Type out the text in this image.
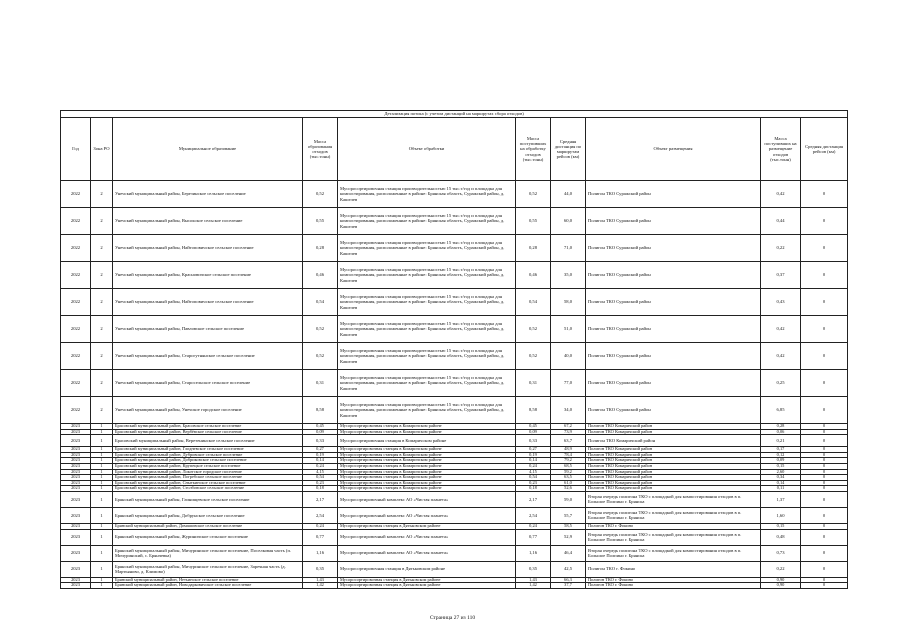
Детализация потока (с учетом дистанций на маршрутах сбора отходов)									
Год	Зона РО	Муниципальное образование	Масса образования отходов (тыс.тонн)	Объект обработки	Масса поступивших на обработку отходов (тыс.тонн)	Средняя дистанция по маршрутам рейсов (км)	Объект размещения	Масса поступивших на размещение отходов (тыс.тонн)	Средняя дистанция рейсов (км)
2022	2	Унечский муниципальный район, Березинское сельское поселение	0,52	Мусоросортировочная станция производительностью 15 тыс.т/год и площадка для компостирования, расположенные в районе: Брянская область, Суражский район, д. Кашелев	0,52	44,0	Полигон ТКО Суражский район	0,42	0
2022	2	Унечский муниципальный район, Высокское сельское поселение	0,55	Мусоросортировочная станция производительностью 15 тыс.т/год и площадка для компостирования, расположенные в районе: Брянская область, Суражский район, д. Кашелев	0,55	60,0	Полигон ТКО Суражский район	0,44	0
2022	2	Унечский муниципальный район, Найтоповичское сельское поселение	0,28	Мусоросортировочная станция производительностью 15 тыс.т/год и площадка для компостирования, расположенные в районе: Брянская область, Суражский район, д. Кашелев	0,28	71,0	Полигон ТКО Суражский район	0,22	0
2022	2	Унечский муниципальный район, Красновичское сельское поселение	0,46	Мусоросортировочная станция производительностью 15 тыс.т/год и площадка для компостирования, расположенные в районе: Брянская область, Суражский район, д. Кашелев	0,46	35,0	Полигон ТКО Суражский район	0,37	0
2022	2	Унечский муниципальный район, Найтоповичское сельское поселение	0,54	Мусоросортировочная станция производительностью 15 тыс.т/год и площадка для компостирования, расположенные в районе: Брянская область, Суражский район, д. Кашелев	0,54	58,0	Полигон ТКО Суражский район	0,43	0
2022	2	Унечский муниципальный район, Павловское сельское поселение	0,52	Мусоросортировочная станция производительностью 15 тыс.т/год и площадка для компостирования, расположенные в районе: Брянская область, Суражский район, д. Кашелев	0,52	51,0	Полигон ТКО Суражский район	0,42	0
2022	2	Унечский муниципальный район, Старогутнянское сельское поселение	0,52	Мусоросортировочная станция производительностью 15 тыс.т/год и площадка для компостирования, расположенные в районе: Брянская область, Суражский район, д. Кашелев	0,52	40,0	Полигон ТКО Суражский район	0,42	0
2022	2	Унечский муниципальный район, Старосельское сельское поселение	0,31	Мусоросортировочная станция производительностью 15 тыс.т/год и площадка для компостирования, расположенные в районе: Брянская область, Суражский район, д. Кашелев	0,31	77,0	Полигон ТКО Суражский район	0,25	0
2022	2	Унечский муниципальный район, Унечское городское поселение	8,58	Мусоросортировочная станция производительностью 15 тыс.т/год и площадка для компостирования, расположенные в районе: Брянская область, Суражский район, д. Кашелев	8,58	34,0	Полигон ТКО Суражский район	6,85	0
2023	1	Брасовский муниципальный район, Брасовское сельское поселение	0,45	Мусоросортировочная станция в Комаричском районе	0,45	67,2	Полигон ТКО Комаричский район	0,28	0
2023	1	Брасовский муниципальный район, Вербёвское сельское поселение	0,09	Мусоросортировочная станция в Комаричском районе	0,09	73,9	Полигон ТКО Комаричский район	0,06	0
2023	1	Брасовский муниципальный район, Веретенинское сельское поселение	0,33	Мусоросортировочная станция в Комаричском районе	0,33	63,7	Полигон ТКО Комаричский район	0,21	0
2023	1	Брасовский муниципальный район, Глодневское сельское поселение	0,27	Мусоросортировочная станция в Комаричском районе	0,27	48,9	Полигон ТКО Комаричский район	0,17	0
2023	1	Брасовский муниципальный район, Дубровское сельское поселение	0,19	Мусоросортировочная станция в Комаричском районе	0,19	78,4	Полигон ТКО Комаричский район	0,12	0
2023	1	Брасовский муниципальный район, Добриковское сельское поселение	0,14	Мусоросортировочная станция в Комаричском районе	0,14	79,2	Полигон ТКО Комаричский район	0,09	0
2023	1	Брасовский муниципальный район, Крупецкое сельское поселение	0,24	Мусоросортировочная станция в Комаричском районе	0,24	68,5	Полигон ТКО Комаричский район	0,15	0
2023	1	Брасовский муниципальный район, Локотское городское поселение	4,15	Мусоросортировочная станция в Комаричском районе	4,15	59,2	Полигон ТКО Комаричский район	2,60	0
2023	1	Брасовский муниципальный район, Погребское сельское поселение	0,54	Мусоросортировочная станция в Комаричском районе	0,54	63,5	Полигон ТКО Комаричский район	0,34	0
2023	1	Брасовский муниципальный район, Сныткинское сельское поселение	0,23	Мусоросортировочная станция в Комаричском районе	0,23	61,0	Полигон ТКО Комаричский район	0,14	0
2023	1	Брасовский муниципальный район, Столбовское сельское поселение	0,18	Мусоросортировочная станция в Комаричском районе	0,18	52,6	Полигон ТКО Комаричский район	0,11	0
2023	1	Брянский муниципальный район, Глинищевское сельское поселение	2,17	Мусоросортировочный комплекс АО «Чистая планета»	2,17	59,0	Вторая очередь полигона ТКО с площадкой для компостирования отходов в п. Большое Полпино г. Брянска	1,37	0
2023	1	Брянский муниципальный район, Добрунское сельское поселение	2,54	Мусоросортировочный комплекс АО «Чистая планета»	2,54	55,7	Вторая очередь полигона ТКО с площадкой для компостирования отходов в п. Большое Полпино г. Брянска	1,60	0
2023	1	Брянский муниципальный район, Домашовское сельское поселение	0,24	Мусоросортировочная станция в Дятьковском районе	0,24	58,5	Полигон ТКО г. Фокино	0,15	0
2023	1	Брянский муниципальный район, Журиничское сельское поселение	0,77	Мусоросортировочный комплекс АО «Чистая планета»	0,77	52,9	Вторая очередь полигона ТКО с площадкой для компостирования отходов в п. Большое Полпино г. Брянска	0,48	0
2023	1	Брянский муниципальный район, Мичуринское сельское поселение, Поселковая часть (п. Мичуринский, с. Брянчевка)	1,16	Мусоросортировочный комплекс АО «Чистая планета»	1,16	46,4	Вторая очередь полигона ТКО с площадкой для компостирования отходов в п. Большое Полпино г. Брянска	0,73	0
2023	1	Брянский муниципальный район, Мичуринское сельское поселение, Заречная часть (д. Мартьяново, д. Климово)	0,35	Мусоросортировочная станция в Дятьковском районе	0,35	42,5	Полигон ТКО г. Фокино	0,22	0
2023	1	Брянский муниципальный район, Нетьинское сельское поселение	1,43	Мусоросортировочная станция в Дятьковском районе	1,43	66,3	Полигон ТКО г. Фокино	0,90	0
2023	1	Брянский муниципальный район, Новодарковичское сельское поселение	1,42	Мусоросортировочная станция в Дятьковском районе	1,42	37,7	Полигон ТКО г. Фокино	0,90	0
Страница 27 из 110
